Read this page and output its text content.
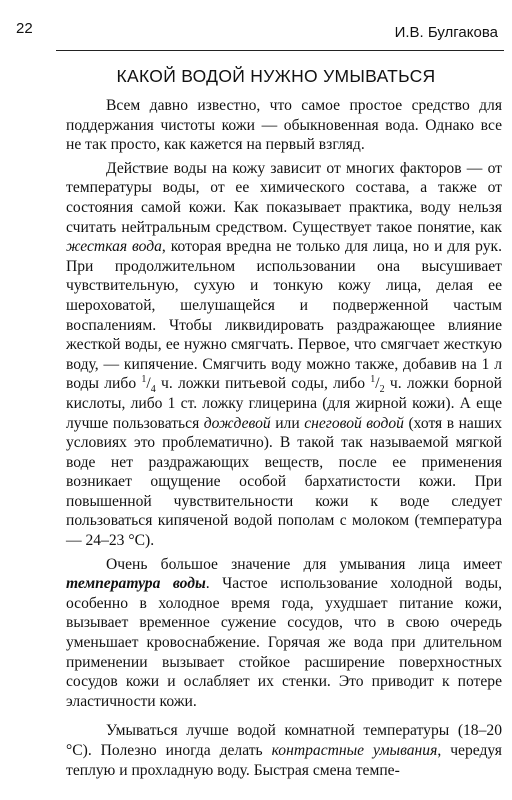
22	И.В. Булгакова
КАКОЙ ВОДОЙ НУЖНО УМЫВАТЬСЯ

Всем давно известно, что самое простое средство для поддержания чистоты кожи — обыкновенная вода. Однако все не так просто, как кажется на первый взгляд.

Действие воды на кожу зависит от многих факторов — от температуры воды, от ее химического состава, а также от состояния самой кожи. Как показывает практика, воду нельзя считать нейтральным средством. Существует такое понятие, как жесткая вода, которая вредна не только для лица, но и для рук. При продолжительном использовании она высушивает чувствительную, сухую и тонкую кожу лица, делая ее шероховатой, шелушащейся и подверженной частым воспалениям. Чтобы ликвидировать раздражающее влияние жесткой воды, ее нужно смягчать. Первое, что смягчает жесткую воду, — кипячение. Смягчить воду можно также, добавив на 1 л воды либо $^1/_4$ ч. ложки питьевой соды, либо $^1/_2$ ч. ложки борной кислоты, либо 1 ст. ложку глицерина (для жирной кожи). А еще лучше пользоваться дождевой или снеговой водой (хотя в наших условиях это проблематично). В такой так называемой мягкой воде нет раздражающих веществ, после ее применения возникает ощущение особой бархатистости кожи. При повышенной чувствительности кожи к воде следует пользоваться кипяченой водой пополам с молоком (температура — 24–23 °С).

Очень большое значение для умывания лица имеет температура воды. Частое использование холодной воды, особенно в холодное время года, ухудшает питание кожи, вызывает временное сужение сосудов, что в свою очередь уменьшает кровоснабжение. Горячая же вода при длительном применении вызывает стойкое расширение поверхностных сосудов кожи и ослабляет их стенки. Это приводит к потере эластичности кожи.

Умываться лучше водой комнатной температуры (18–20 °С). Полезно иногда делать контрастные умывания, чередуя теплую и прохладную воду. Быстрая смена темпе-
